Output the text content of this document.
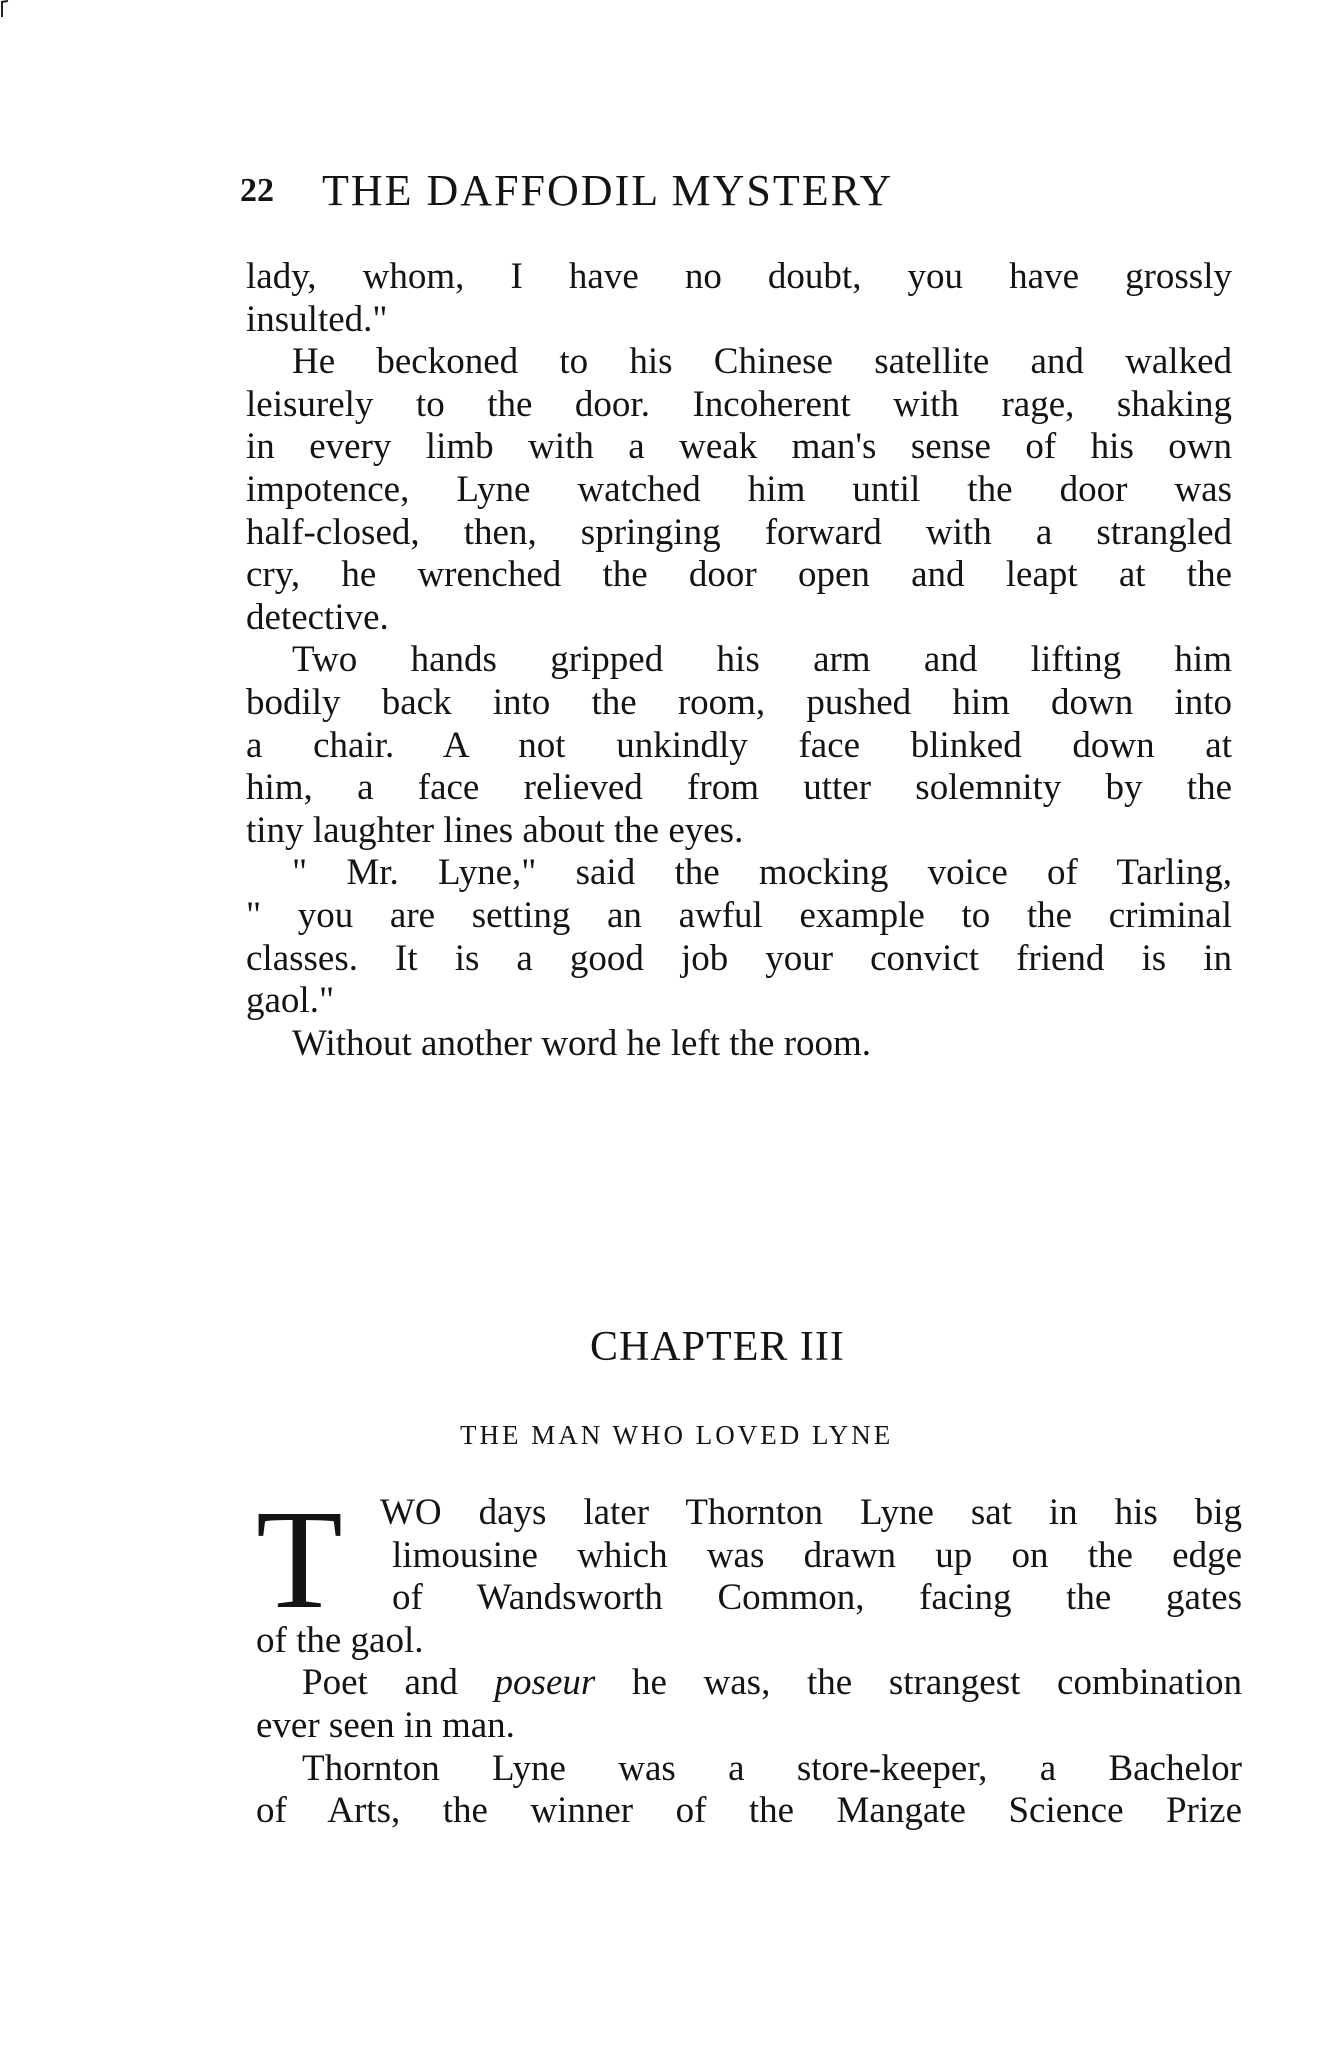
22 THE DAFFODIL MYSTERY
lady, whom, I have no doubt, you have grossly
insulted."
He beckoned to his Chinese satellite and walked
leisurely to the door. Incoherent with rage, shaking
in every limb with a weak man's sense of his own
impotence, Lyne watched him until the door was
half-closed, then, springing forward with a strangled
cry, he wrenched the door open and leapt at the
detective.
Two hands gripped his arm and lifting him
bodily back into the room, pushed him down into
a chair. A not unkindly face blinked down at
him, a face relieved from utter solemnity by the
tiny laughter lines about the eyes.
" Mr. Lyne," said the mocking voice of Tarling,
" you are setting an awful example to the criminal
classes. It is a good job your convict friend is in
gaol."
Without another word he left the room.
CHAPTER III
THE MAN WHO LOVED LYNE
T	WO days later Thornton Lyne sat in his big
limousine which was drawn up on the edge
of Wandsworth Common, facing the gates
of the gaol.
Poet and poseur he was, the strangest combination
ever seen in man.
Thornton Lyne was a store-keeper, a Bachelor
of Arts, the winner of the Mangate Science Prize
